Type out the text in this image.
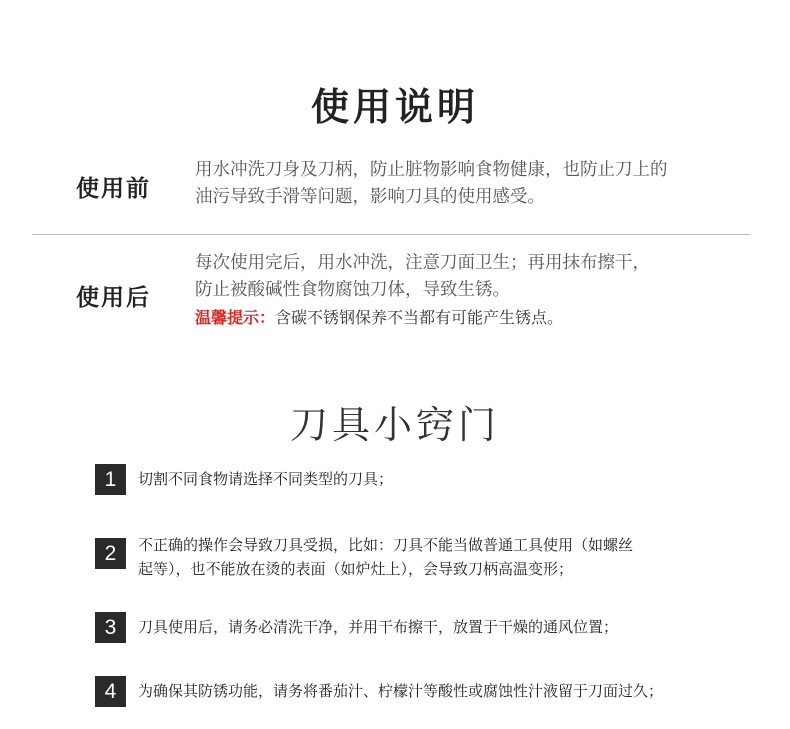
使用说明
使用前
用水冲洗刀身及刀柄，防止脏物影响食物健康，也防止刀上的
油污导致手滑等问题，影响刀具的使用感受。
使用后
每次使用完后，用水冲洗，注意刀面卫生；再用抹布擦干，
防止被酸碱性食物腐蚀刀体，导致生锈。
温馨提示：含碳不锈钢保养不当都有可能产生锈点。
刀具小窍门
1	切割不同食物请选择不同类型的刀具；
2	不正确的操作会导致刀具受损，比如：刀具不能当做普通工具使用（如螺丝
起等），也不能放在烫的表面（如炉灶上），会导致刀柄高温变形；
3	刀具使用后，请务必清洗干净，并用干布擦干，放置于干燥的通风位置；
4	为确保其防锈功能，请务将番茄汁、柠檬汁等酸性或腐蚀性汁液留于刀面过久；
